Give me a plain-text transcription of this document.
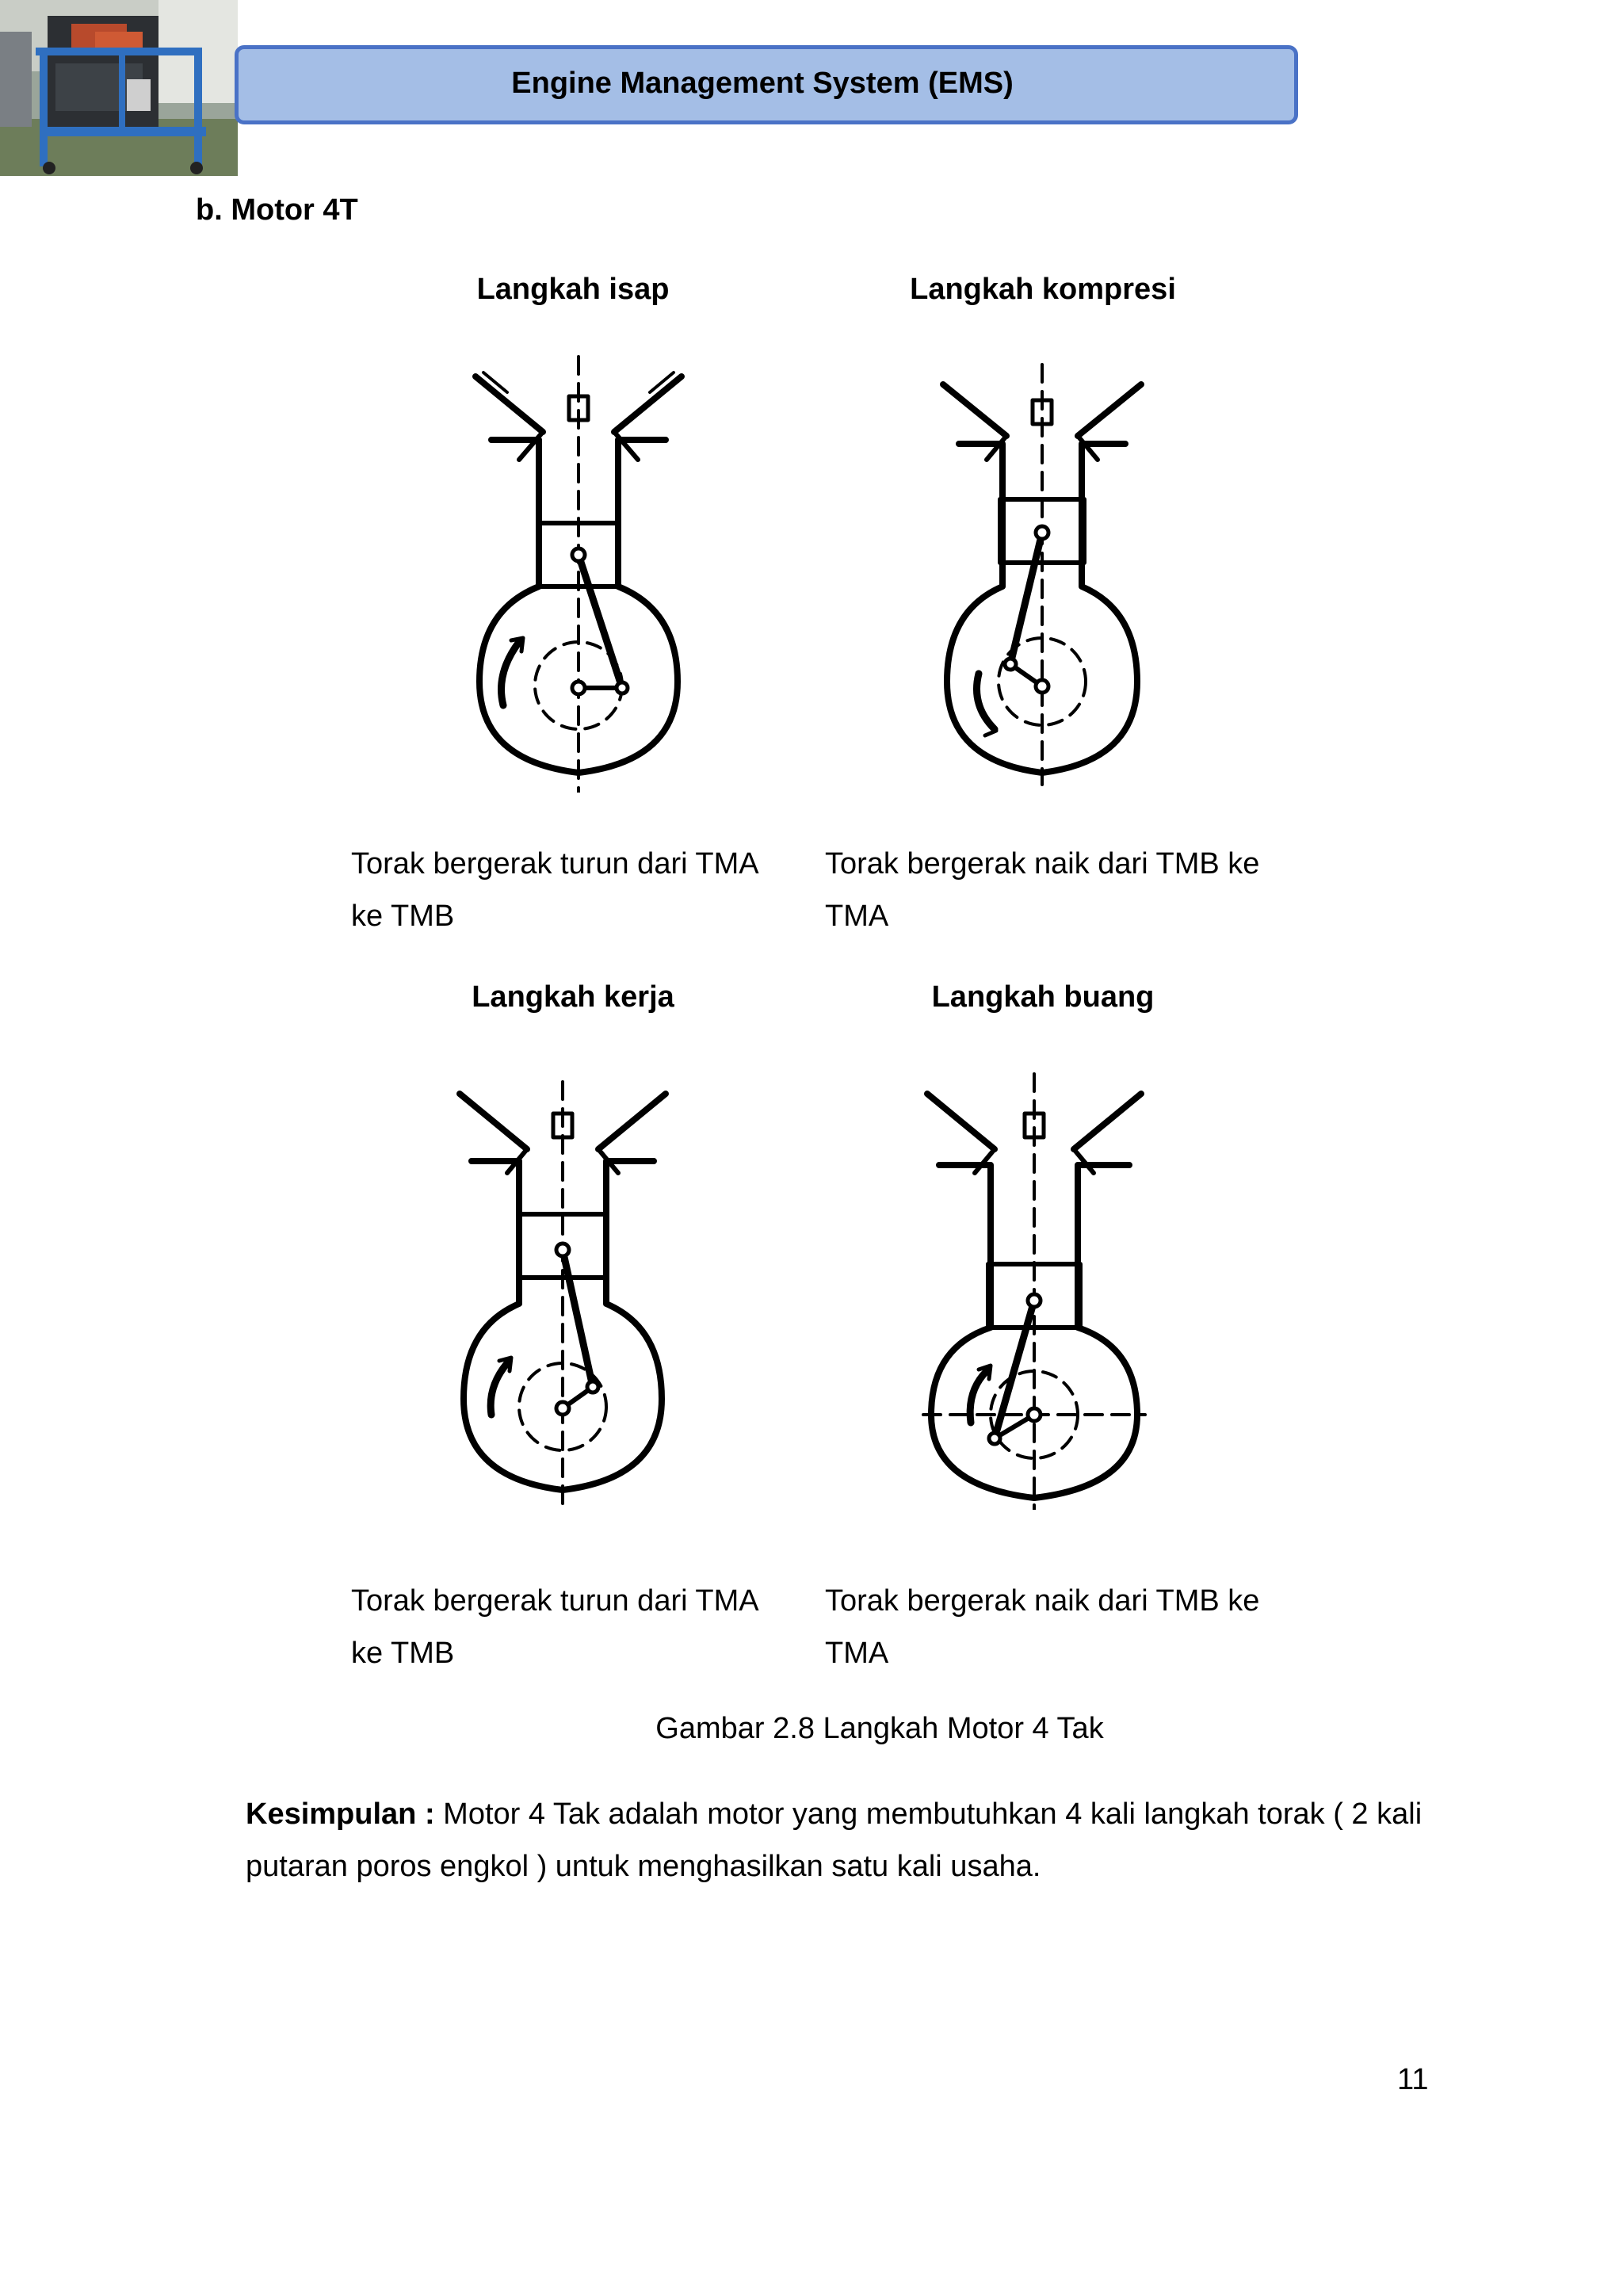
Engine Management System (EMS)
b. Motor 4T
Langkah isap	Langkah kompresi
Langkah kerja	Langkah buang
Torak bergerak turun dari TMA
ke TMB
Torak bergerak naik dari TMB ke
TMA
Torak bergerak turun dari TMA
ke TMB
Torak bergerak naik dari TMB ke
TMA
Gambar 2.8 Langkah Motor 4 Tak
Kesimpulan : Motor 4 Tak adalah motor yang membutuhkan 4 kali langkah torak ( 2 kali putaran poros engkol ) untuk menghasilkan satu kali usaha.
11
